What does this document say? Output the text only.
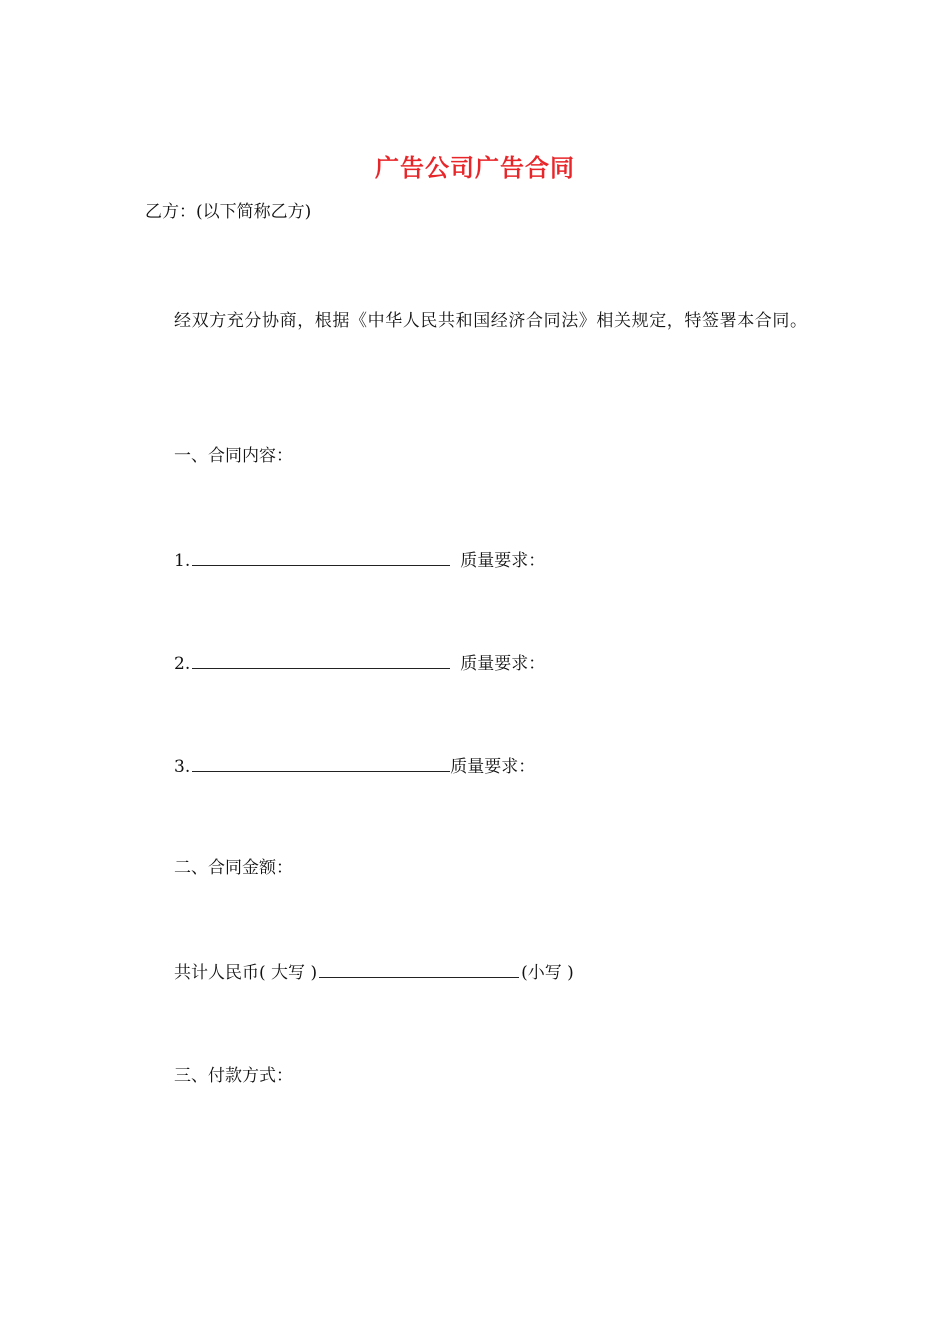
广告公司广告合同
乙方：(以下简称乙方)
经双方充分协商，根据《中华人民共和国经济合同法》相关规定，特签署本合同。
一、合同内容：
1.	质量要求：
2.	质量要求：
3.	质量要求：
二、合同金额：
共计人民币( 大写 )	(小写 )
三、付款方式：
